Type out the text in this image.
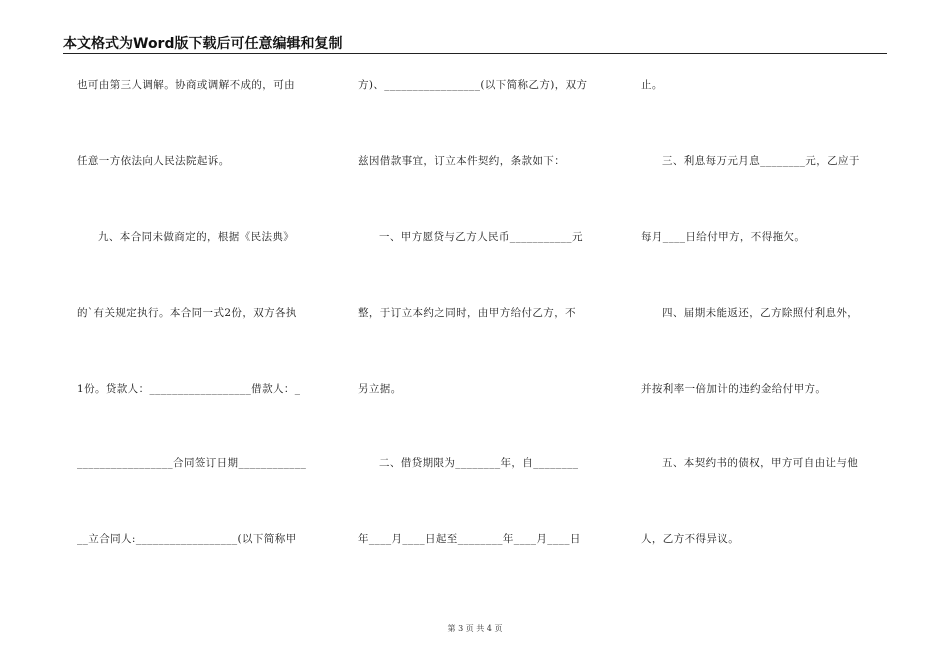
本文格式为Word版下载后可任意编辑和复制
也可由第三人调解。协商或调解不成的，可由
任意一方依法向人民法院起诉。
九、本合同未做商定的，根据《民法典》
的`有关规定执行。本合同一式2份，双方各执
1份。贷款人：__________________借款人：_
_________________合同签订日期____________
__立合同人:__________________(以下简称甲
方)、_________________(以下简称乙方)，双方
兹因借款事宜，订立本件契约，条款如下：
一、甲方愿贷与乙方人民币___________元
整，于订立本约之同时，由甲方给付乙方，不
另立据。
二、借贷期限为________年，自________
年____月____日起至________年____月____日
止。
三、利息每万元月息________元，乙应于
每月____日给付甲方，不得拖欠。
四、届期未能返还，乙方除照付利息外，
并按利率一倍加计的违约金给付甲方。
五、本契约书的债权，甲方可自由让与他
人，乙方不得异议。
第 3 页 共 4 页
